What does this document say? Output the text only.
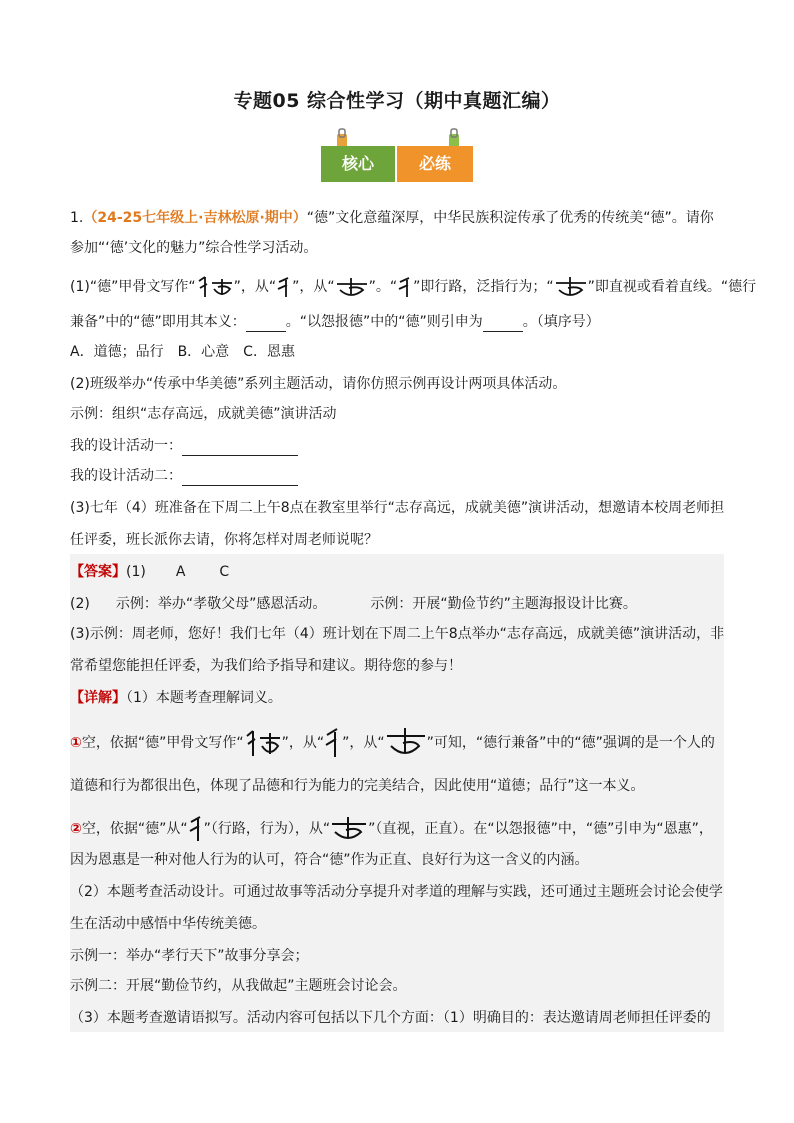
专题05 综合性学习（期中真题汇编）
核心	必练
1.（24-25七年级上·吉林松原·期中）“德”文化意蕴深厚，中华民族积淀传承了优秀的传统美“德”。请你
参加“‘德’文化的魅力”综合性学习活动。
(1)“德”甲骨文写作“	”，从“ ”，从“ ”。“ ”即行路，泛指行为；“ ”即直视或看着直线。“德行
兼备”中的“德”即用其本义：	。“以怨报德”中的“德”则引申为	。（填序号）
A．道德；品行　B．心意　C．恩惠
(2)班级举办“传承中华美德”系列主题活动，请你仿照示例再设计两项具体活动。
示例：组织“志存高远，成就美德”演讲活动
我的设计活动一：
我的设计活动二：
(3)七年（4）班准备在下周二上午8点在教室里举行“志存高远，成就美德”演讲活动，想邀请本校周老师担
任评委，班长派你去请，你将怎样对周老师说呢？
【答案】(1) A C
(2) 示例：举办“孝敬父母”感恩活动。	示例：开展“勤俭节约”主题海报设计比赛。
(3)示例：周老师，您好！我们七年（4）班计划在下周二上午8点举办“志存高远，成就美德”演讲活动，非
常希望您能担任评委，为我们给予指导和建议。期待您的参与！
【详解】（1）本题考查理解词义。
①空，依据“德”甲骨文写作“	”，从“ ”，从“	”可知，“德行兼备”中的“德”强调的是一个人的
道德和行为都很出色，体现了品德和行为能力的完美结合，因此使用“道德；品行”这一本义。
②空，依据“德”从“ ”（行路，行为），从“	”（直视，正直）。在“以怨报德”中，“德”引申为“恩惠”，
因为恩惠是一种对他人行为的认可，符合“德”作为正直、良好行为这一含义的内涵。
（2）本题考查活动设计。可通过故事等活动分享提升对孝道的理解与实践，还可通过主题班会讨论会使学
生在活动中感悟中华传统美德。
示例一：举办“孝行天下”故事分享会；
示例二：开展“勤俭节约，从我做起”主题班会讨论会。
（3）本题考查邀请语拟写。活动内容可包括以下几个方面：（1）明确目的：表达邀请周老师担任评委的
